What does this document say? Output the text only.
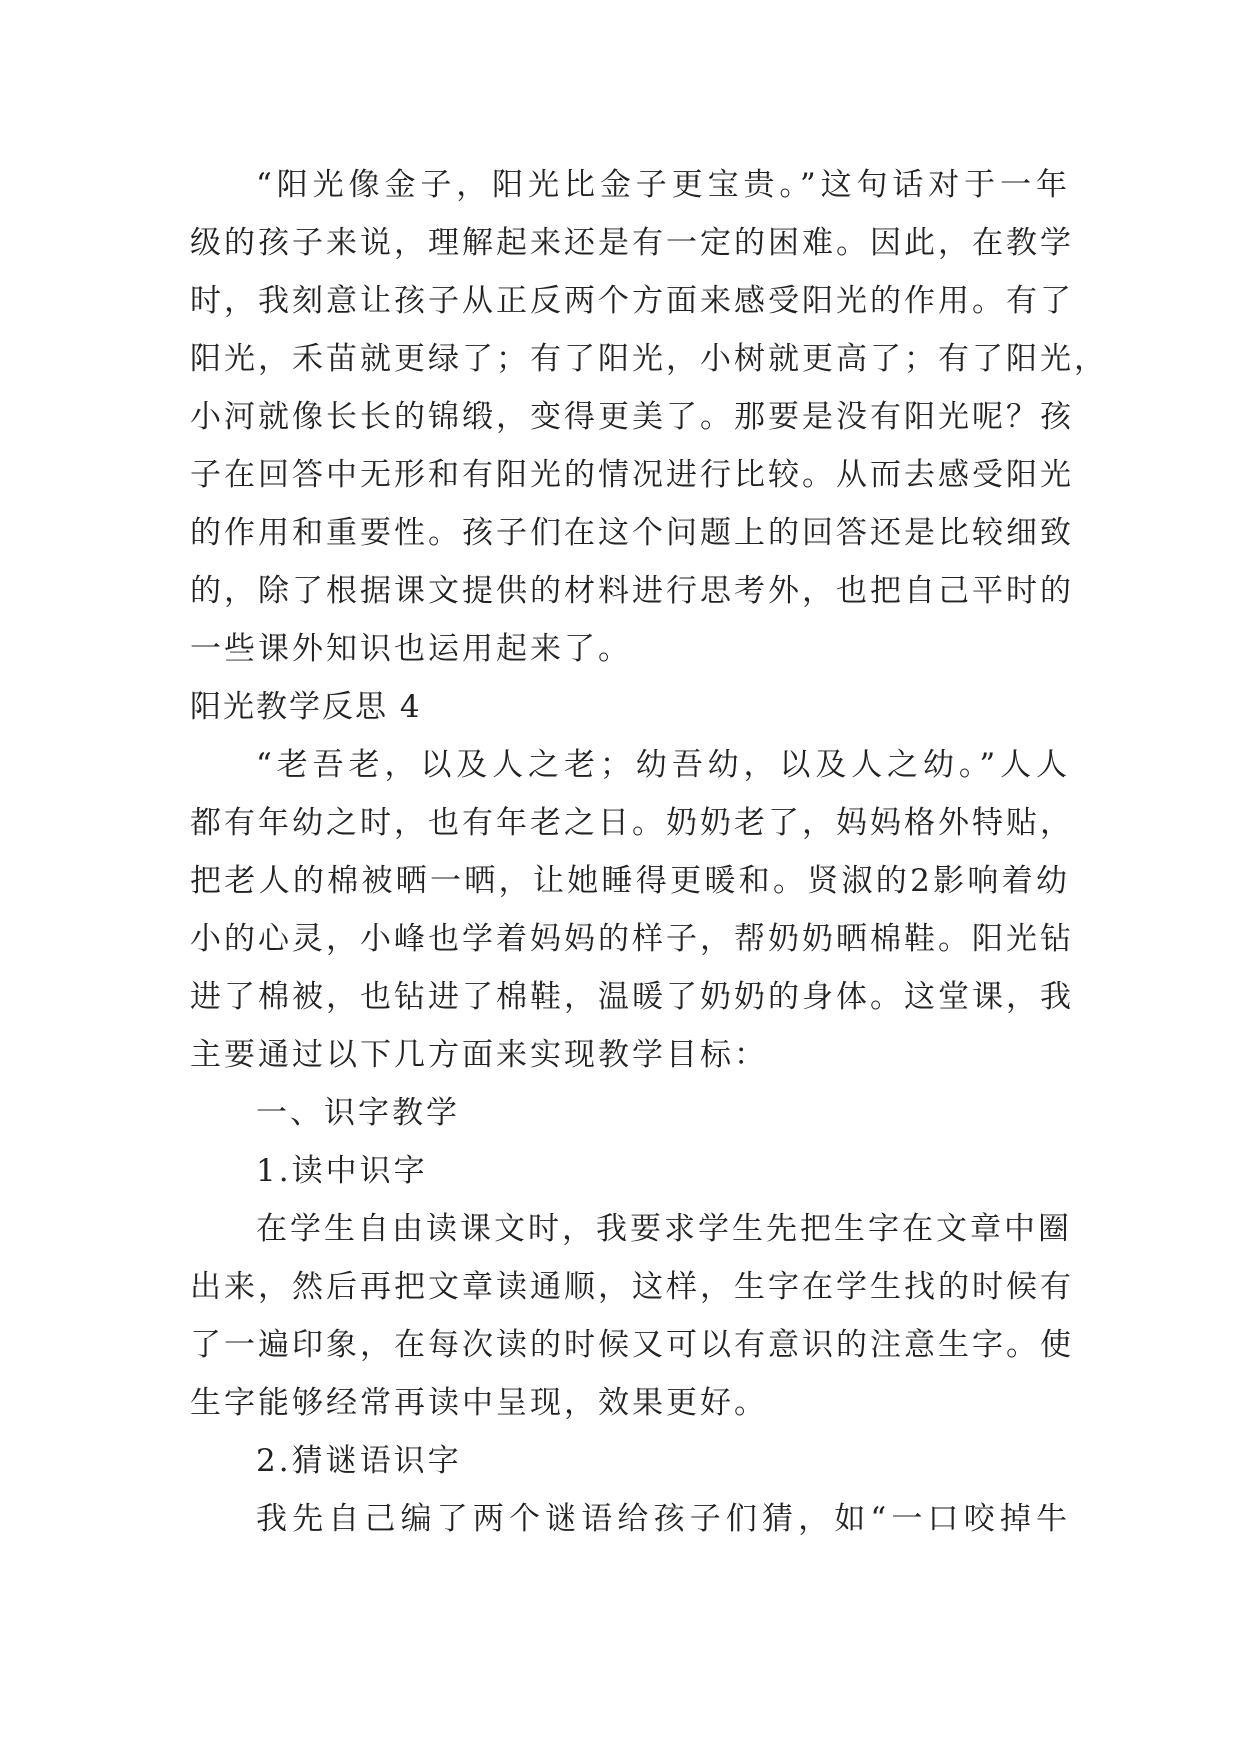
“阳光像金子，阳光比金子更宝贵。”这句话对于一年
级的孩子来说，理解起来还是有一定的困难。因此，在教学
时，我刻意让孩子从正反两个方面来感受阳光的作用。有了
阳光，禾苗就更绿了；有了阳光，小树就更高了；有了阳光，
小河就像长长的锦缎，变得更美了。那要是没有阳光呢？孩
子在回答中无形和有阳光的情况进行比较。从而去感受阳光
的作用和重要性。孩子们在这个问题上的回答还是比较细致
的，除了根据课文提供的材料进行思考外，也把自己平时的
一些课外知识也运用起来了。
阳光教学反思 4
“老吾老，以及人之老；幼吾幼，以及人之幼。”人人
都有年幼之时，也有年老之日。奶奶老了，妈妈格外特贴，
把老人的棉被晒一晒，让她睡得更暖和。贤淑的2影响着幼
小的心灵，小峰也学着妈妈的样子，帮奶奶晒棉鞋。阳光钻
进了棉被，也钻进了棉鞋，温暖了奶奶的身体。这堂课，我
主要通过以下几方面来实现教学目标：
一、识字教学
1.读中识字
在学生自由读课文时，我要求学生先把生字在文章中圈
出来，然后再把文章读通顺，这样，生字在学生找的时候有
了一遍印象，在每次读的时候又可以有意识的注意生字。使
生字能够经常再读中呈现，效果更好。
2.猜谜语识字
我先自己编了两个谜语给孩子们猜，如“一口咬掉牛
